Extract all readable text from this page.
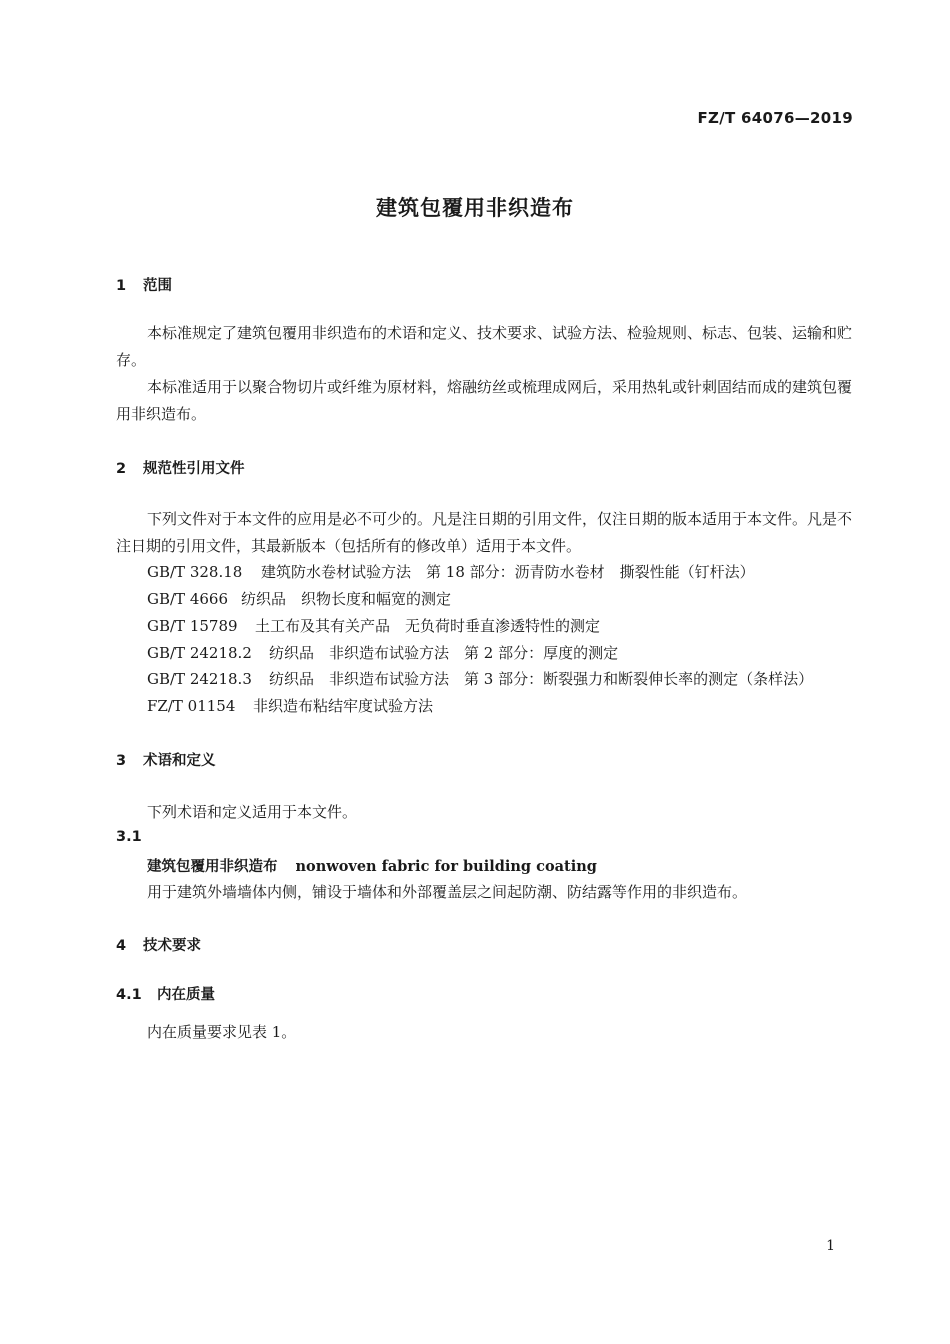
FZ/T 64076—2019
建筑包覆用非织造布
1 范围
本标准规定了建筑包覆用非织造布的术语和定义、技术要求、试验方法、检验规则、标志、包装、运输和贮存。
本标准适用于以聚合物切片或纤维为原材料，熔融纺丝或梳理成网后，采用热轧或针刺固结而成的建筑包覆用非织造布。
2 规范性引用文件
下列文件对于本文件的应用是必不可少的。凡是注日期的引用文件，仅注日期的版本适用于本文件。凡是不注日期的引用文件，其最新版本（包括所有的修改单）适用于本文件。
GB/T 328.18 建筑防水卷材试验方法　第 18 部分：沥青防水卷材　撕裂性能（钉杆法）
GB/T 4666 纺织品　织物长度和幅宽的测定
GB/T 15789 土工布及其有关产品　无负荷时垂直渗透特性的测定
GB/T 24218.2 纺织品　非织造布试验方法　第 2 部分：厚度的测定
GB/T 24218.3 纺织品　非织造布试验方法　第 3 部分：断裂强力和断裂伸长率的测定（条样法）
FZ/T 01154 非织造布粘结牢度试验方法
3 术语和定义
下列术语和定义适用于本文件。
3.1
建筑包覆用非织造布 nonwoven fabric for building coating
用于建筑外墙墙体内侧，铺设于墙体和外部覆盖层之间起防潮、防结露等作用的非织造布。
4 技术要求
4.1 内在质量
内在质量要求见表 1。
1
